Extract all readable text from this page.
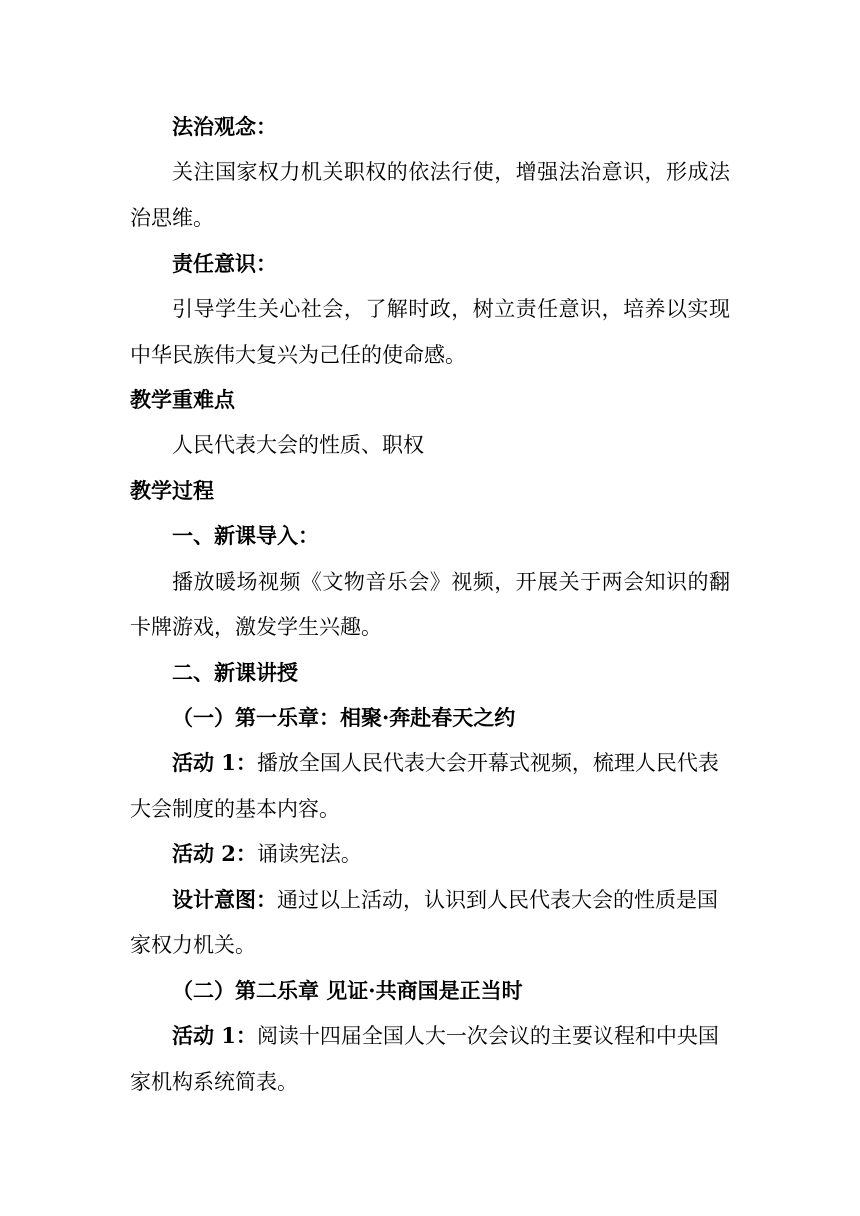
法治观念：
关注国家权力机关职权的依法行使，增强法治意识，形成法
治思维。
责任意识：
引导学生关心社会，了解时政，树立责任意识，培养以实现
中华民族伟大复兴为己任的使命感。
教学重难点
人民代表大会的性质、职权
教学过程
一、新课导入：
播放暖场视频《文物音乐会》视频，开展关于两会知识的翻
卡牌游戏，激发学生兴趣。
二、新课讲授
（一）第一乐章：相聚·奔赴春天之约
活动 1：播放全国人民代表大会开幕式视频，梳理人民代表
大会制度的基本内容。
活动 2：诵读宪法。
设计意图：通过以上活动，认识到人民代表大会的性质是国
家权力机关。
（二）第二乐章 见证·共商国是正当时
活动 1：阅读十四届全国人大一次会议的主要议程和中央国
家机构系统简表。
